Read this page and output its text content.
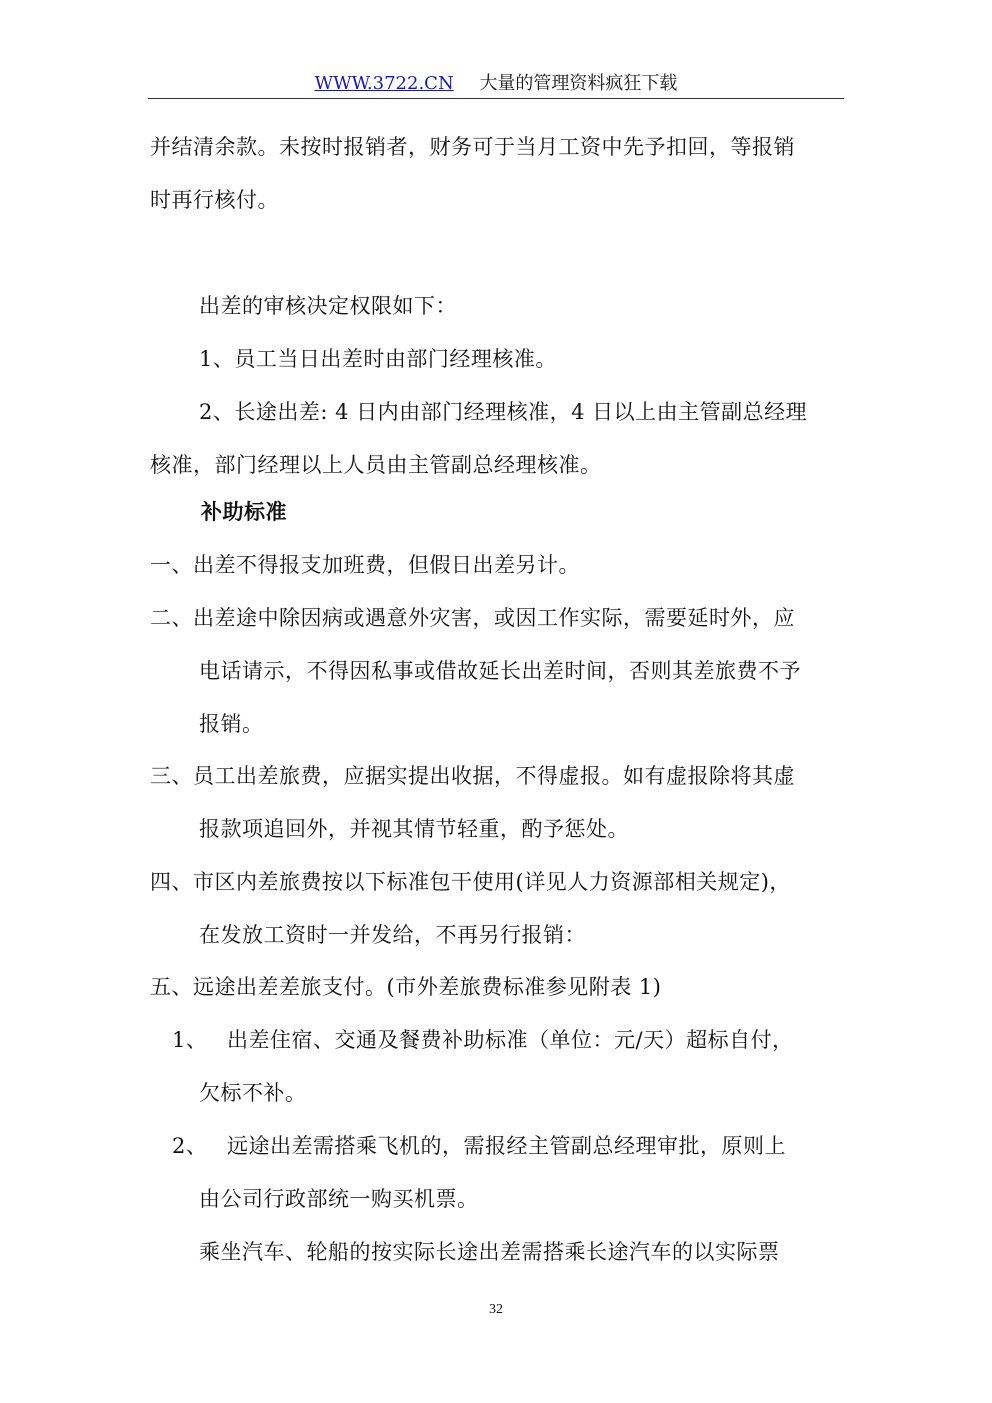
WWW.3722.CN 大量的管理资料疯狂下载
并结清余款。未按时报销者，财务可于当月工资中先予扣回，等报销
时再行核付。
出差的审核决定权限如下：
1、员工当日出差时由部门经理核准。
2、长途出差: 4 日内由部门经理核准，4 日以上由主管副总经理
核准，部门经理以上人员由主管副总经理核准。
补助标准
一、出差不得报支加班费，但假日出差另计。
二、出差途中除因病或遇意外灾害，或因工作实际，需要延时外，应
电话请示，不得因私事或借故延长出差时间，否则其差旅费不予
报销。
三、员工出差旅费，应据实提出收据，不得虚报。如有虚报除将其虚
报款项追回外，并视其情节轻重，酌予惩处。
四、市区内差旅费按以下标准包干使用(详见人力资源部相关规定)，
在发放工资时一并发给，不再另行报销：
五、远途出差差旅支付。(市外差旅费标准参见附表 1)
1、 出差住宿、交通及餐费补助标准（单位：元/天）超标自付，
欠标不补。
2、 远途出差需搭乘飞机的，需报经主管副总经理审批，原则上
由公司行政部统一购买机票。
乘坐汽车、轮船的按实际长途出差需搭乘长途汽车的以实际票
32
